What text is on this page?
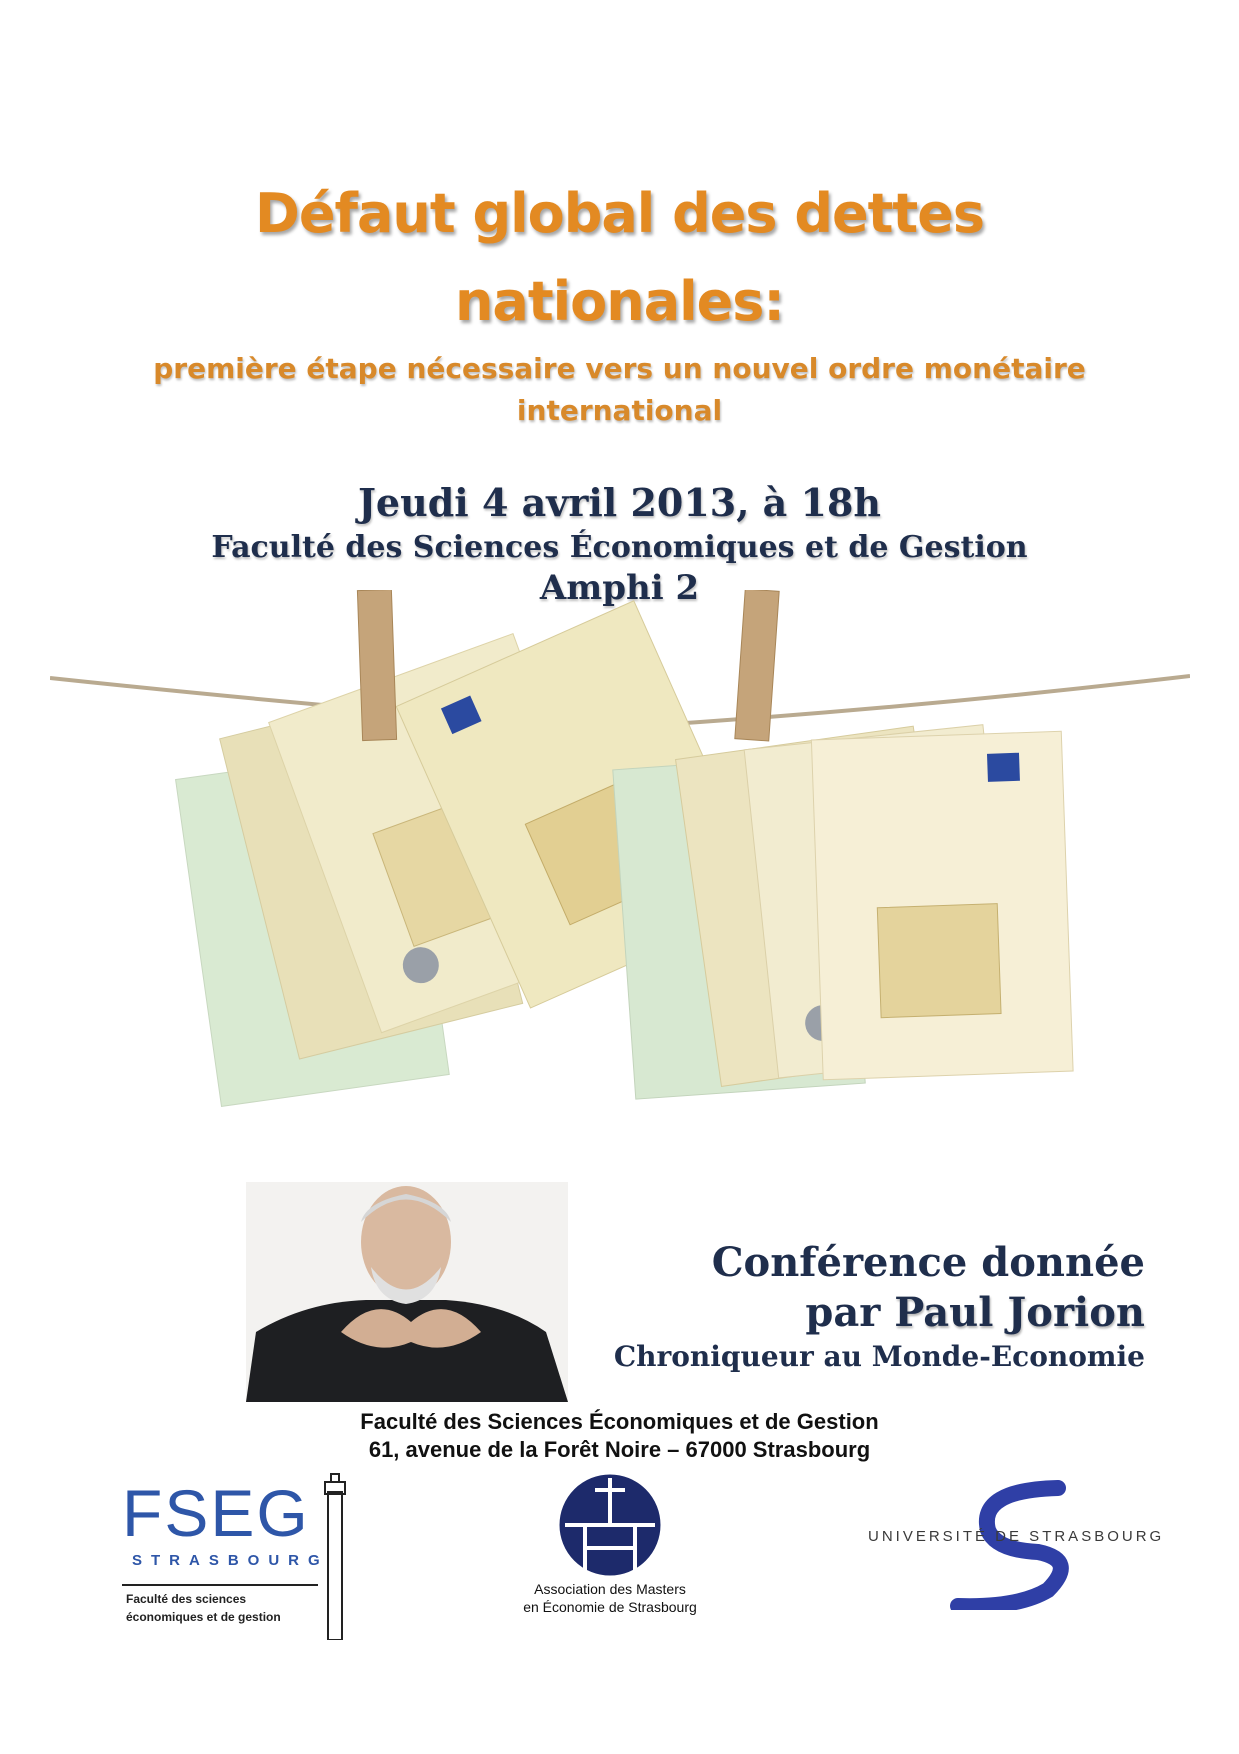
Défaut global des dettes
nationales:
première étape nécessaire vers un nouvel ordre monétaire
international
Jeudi 4 avril 2013, à 18h
Faculté des Sciences Économiques et de Gestion
Amphi 2
Conférence donnée
par Paul Jorion
Chroniqueur au Monde-Economie
Faculté des Sciences Économiques et de Gestion
61, avenue de la Forêt Noire – 67000 Strasbourg
FSEG
STRASBOURG
Faculté des sciences
économiques et de gestion
Association des Masters
en Économie de Strasbourg
UNIVERSITÉ DE STRASBOURG
